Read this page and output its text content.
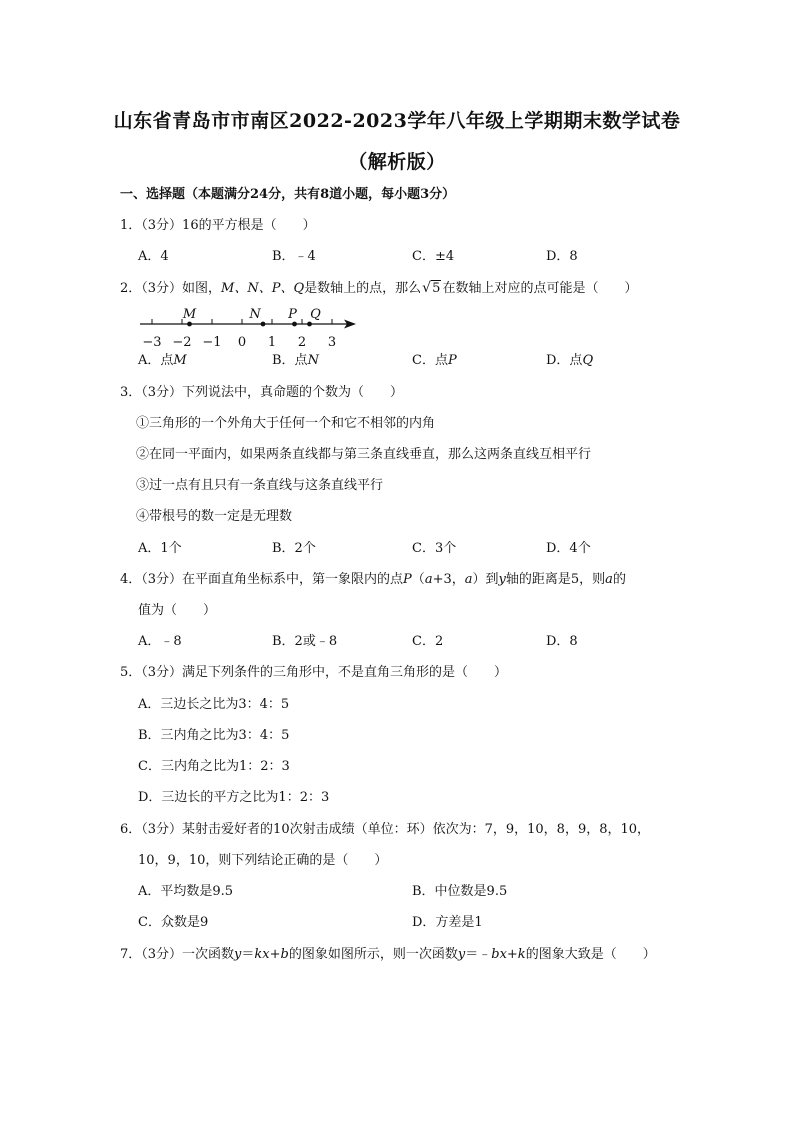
山东省青岛市市南区2022-2023学年八年级上学期期末数学试卷
（解析版）
一、选择题（本题满分24分，共有8道小题，每小题3分）
1．（3分）16的平方根是（　　）
A．4	B．﹣4	C．±4	D．8
2．（3分）如图，M、N、P、Q是数轴上的点，那么√ 5 在数轴上对应的点可能是（　　）
−3 −2 −1 0 1 2 3
M	N P Q
A．点M	B．点N	C．点P	D．点Q
3．（3分）下列说法中，真命题的个数为（　　）
①三角形的一个外角大于任何一个和它不相邻的内角
②在同一平面内，如果两条直线都与第三条直线垂直，那么这两条直线互相平行
③过一点有且只有一条直线与这条直线平行
④带根号的数一定是无理数
A．1个	B．2个	C．3个	D．4个
4．（3分）在平面直角坐标系中，第一象限内的点P（a+3，a）到y轴的距离是5，则a的
值为（　　）
A．﹣8	B．2或﹣8	C．2	D．8
5．（3分）满足下列条件的三角形中，不是直角三角形的是（　　）
A．三边长之比为3：4：5
B．三内角之比为3：4：5
C．三内角之比为1：2：3
D．三边长的平方之比为1：2：3
6．（3分）某射击爱好者的10次射击成绩（单位：环）依次为：7，9，10，8，9，8，10，
10，9，10，则下列结论正确的是（　　）
A．平均数是9.5	B．中位数是9.5
C．众数是9	D．方差是1
7．（3分）一次函数y＝kx+b的图象如图所示，则一次函数y＝﹣bx+k的图象大致是（　　）
